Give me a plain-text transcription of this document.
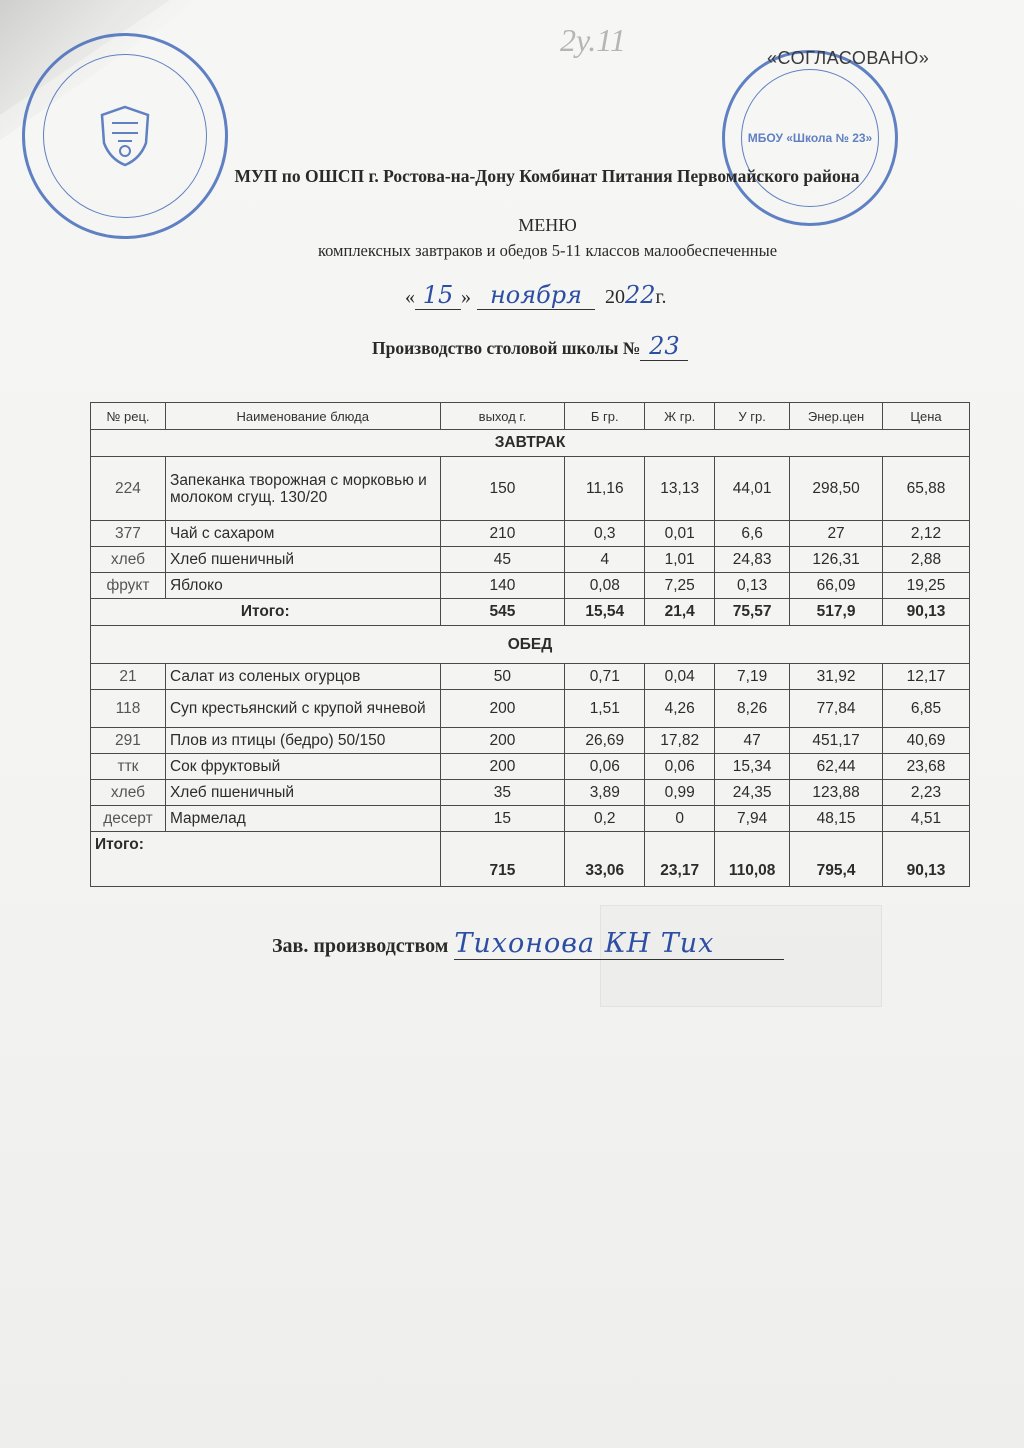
2у.11
МБОУ «Школа № 23»
«СОГЛАСОВАНО»
МУП по ОШСП г. Ростова-на-Дону Комбинат Питания Первомайского района
МЕНЮ
комплексных завтраков и обедов 5-11 классов малообеспеченные
« 15 » ноября 2022г.
Производство столовой школы № 23
№ рец.	Наименование блюда	выход г.	Б гр.	Ж гр.	У гр.	Энер.цен	Цена
ЗАВТРАК							
224	Запеканка творожная с морковью и молоком сгущ. 130/20	150	11,16	13,13	44,01	298,50	65,88
377	Чай с сахаром	210	0,3	0,01	6,6	27	2,12
хлеб	Хлеб пшеничный	45	4	1,01	24,83	126,31	2,88
фрукт	Яблоко	140	0,08	7,25	0,13	66,09	19,25
Итого:		545	15,54	21,4	75,57	517,9	90,13
ОБЕД							
21	Салат из соленых огурцов	50	0,71	0,04	7,19	31,92	12,17
118	Суп крестьянский с крупой ячневой	200	1,51	4,26	8,26	77,84	6,85
291	Плов из птицы (бедро) 50/150	200	26,69	17,82	47	451,17	40,69
ттк	Сок фруктовый	200	0,06	0,06	15,34	62,44	23,68
хлеб	Хлеб пшеничный	35	3,89	0,99	24,35	123,88	2,23
десерт	Мармелад	15	0,2	0	7,94	48,15	4,51
Итого:		715	33,06	23,17	110,08	795,4	90,13
Зав. производством Тихонова КН Тих
